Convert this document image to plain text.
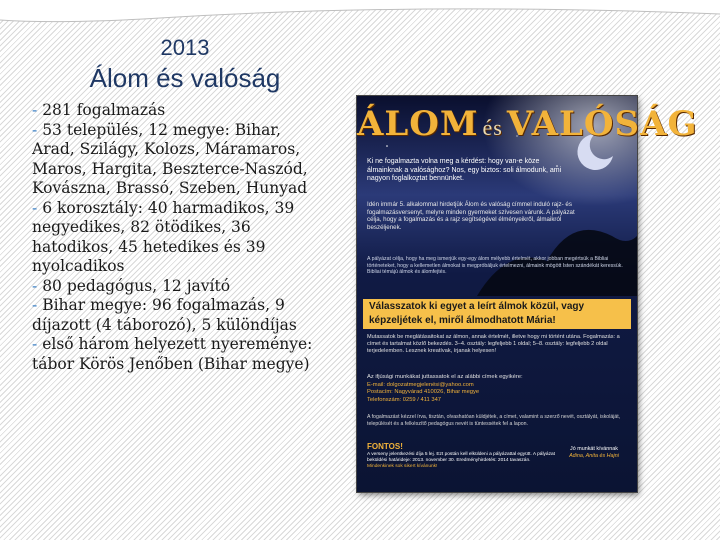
2013

Álom és valóság

- 281 fogalmazás

- 53 település, 12 megye: Bihar, Arad, Szilágy, Kolozs, Máramaros, Maros, Hargita, Beszterce-Naszód, Kovászna, Brassó, Szeben, Hunyad

- 6 korosztály: 40 harmadikos, 39 negyedikes, 82 ötödikes, 36 hatodikos, 45 hetedikes és 39 nyolcadikos

- 80 pedagógus, 12 javító

- Bihar megye: 96 fogalmazás, 9 díjazott (4 táborozó), 5 különdíjas

- első három helyezett nyereménye: tábor Körös Jenőben (Bihar megye)

ÁLOM és VALÓSÁG
Ki ne fogalmazta volna meg a kérdést: hogy van-e köze álmainknak a valósághoz? Nos, egy biztos: soli álmodunk, ami nagyon foglalkoztat bennünket.
Idén immár 5. alkalommal hirdetjük Álom és valóság címmel induló rajz- és fogalmazásversenyt, melyre minden gyermeket szívesen várunk. A pályázat célja, hogy a fogalmazás és a rajz segítségével élményeikről, álmaikról beszéljenek.
A pályázat célja, hogy ha meg ismerjük egy-egy álom mélyebb értelmét, akkor jobban megértsük a Bibliai történeteket, hogy a kellemetlen álmokat is megpróbáljuk értelmezni, álmaink mögött Isten szándékát keressük. Bibliai témájú álmok és álomfejtés.
Válasszatok ki egyet a leírt álmok közül, vagy képzeljétek el, miről álmodhatott Mária!
Mutassatok be meglátásaitokat az álmon, annak értelmét, illetve hogy mi történt utána. Fogalmazás: a címet és tartalmat közlő bekezdés. 3–4. osztály: legfeljebb 1 oldal; 5–8. osztály: legfeljebb 2 oldal terjedelemben. Lesznek kreatívak, írjanak helyesen!
Az ifjúsági munkákat juttassatok el az alábbi címek egyikére:
E-mail: dolgozatmegjelenési@yahoo.com
Postacím: Nagyvárad 410026, Bihar megye
Telefonszám: 0259 / 411 347
A fogalmazást kézzel írva, tisztán, olvashatóan küldjétek, a címet, valamint a szerző nevét, osztályát, iskoláját, települését és a felkészítő pedagógus nevét is tüntessétek fel a lapon.
FONTOS!
A verseny jelentkezési díja 5 lej. Ezt postán kell elküldeni a pályázattal együtt. A pályázat beküldési határideje: 2013. november 30. Eredményhirdetés: 2014 tavaszán.
Mindenkinek sok sikert kívánunk!
Jó munkát kívánnak
Adina, Anita és Hajni
